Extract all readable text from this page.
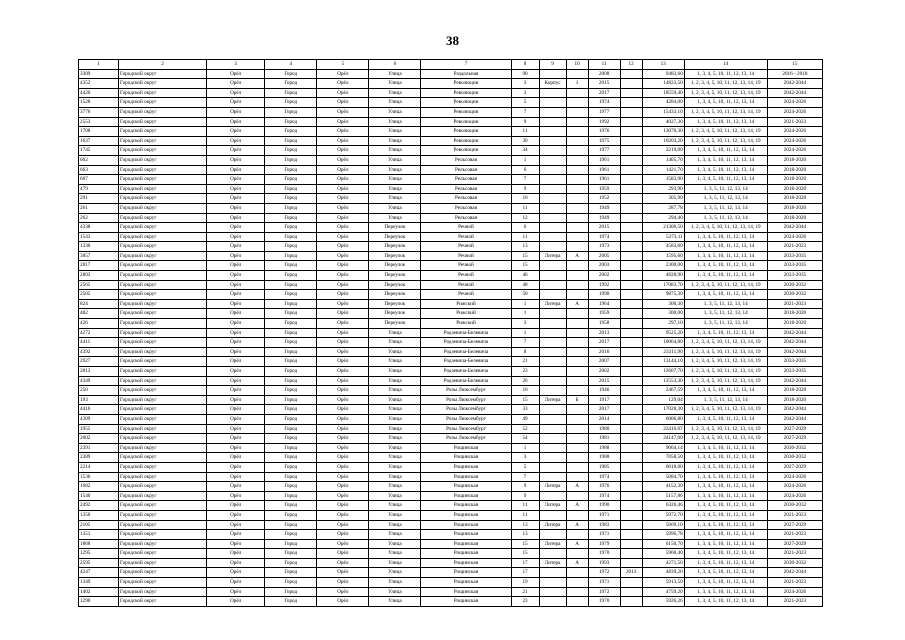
38
1	2	3	4	5	6	7	8	9	10	11	12	13	14	15
3309	Городской округ	Орёл	Город	Орёл	Улица	Раздольная	90			2008		9483,60	1, 3, 4, 5, 10, 11, 12, 13, 14	2016 - 2018
4352	Городской округ	Орёл	Город	Орёл	Улица	Революции	3	Корпус	1	2015		14823,50	1, 2, 3, 4, 5, 10, 11, 12, 13, 14, 19	2042-2044
4420	Городской округ	Орёл	Город	Орёл	Улица	Революции	3			2017		18559,40	1, 2, 3, 4, 5, 10, 11, 12, 13, 14, 19	2042-2044
1528	Городской округ	Орёл	Город	Орёл	Улица	Революции	5			1974		4284,00	1, 3, 4, 5, 10, 11, 12, 13, 14	2024-2026
3776	Городской округ	Орёл	Город	Орёл	Улица	Революции	7			1977		15433,10	1, 2, 3, 4, 5, 10, 11, 12, 13, 14, 19	2024-2026
2553	Городской округ	Орёл	Город	Орёл	Улица	Революции	9			1992		4027,30	1, 3, 4, 5, 10, 11, 12, 13, 14	2021-2023
1708	Городской округ	Орёл	Город	Орёл	Улица	Революции	11			1976		13070,30	1, 2, 3, 4, 5, 10, 11, 12, 13, 14, 19	2024-2026
1637	Городской округ	Орёл	Город	Орёл	Улица	Революции	30			1975		10203,20	1, 2, 3, 4, 5, 10, 11, 12, 13, 14, 19	2024-2026
1745	Городской округ	Орёл	Город	Орёл	Улица	Революции	34			1977		3219,00	1, 3, 4, 5, 10, 11, 12, 13, 14	2024-2026
662	Городской округ	Орёл	Город	Орёл	Улица	Рельсовая	1			1961		1405,70	1, 3, 4, 5, 10, 11, 12, 13, 14	2018-2020
663	Городской округ	Орёл	Город	Орёл	Улица	Рельсовая	6			1961		1421,70	1, 3, 4, 5, 10, 11, 12, 13, 14	2018-2020
667	Городской округ	Орёл	Город	Орёл	Улица	Рельсовая	7			1961		1583,90	1, 3, 4, 5, 10, 11, 12, 13, 14	2018-2020
479	Городской округ	Орёл	Город	Орёл	Улица	Рельсовая	9			1959		293,90	1, 3, 5, 11, 12, 13, 14	2018-2020
291	Городской округ	Орёл	Город	Орёл	Улица	Рельсовая	10			1952		305,90	1, 3, 5, 11, 12, 13, 14	2018-2020
261	Городской округ	Орёл	Город	Орёл	Улица	Рельсовая	11			1949		287,78	1, 3, 5, 11, 12, 13, 14	2018-2020
262	Городской округ	Орёл	Город	Орёл	Улица	Рельсовая	12			1949		294,40	1, 3, 5, 11, 12, 13, 14	2018-2020
4338	Городской округ	Орёл	Город	Орёл	Переулок	Речной	6			2015		21300,50	1, 2, 3, 4, 5, 10, 11, 12, 13, 14, 19	2042-2044
1543	Городской округ	Орёл	Город	Орёл	Переулок	Речной	11			1974		5373,11	1, 3, 4, 5, 10, 11, 12, 13, 14	2024-2026
1330	Городской округ	Орёл	Город	Орёл	Переулок	Речной	13			1973		4583,60	1, 3, 4, 5, 10, 11, 12, 13, 14	2021-2023
3857	Городской округ	Орёл	Город	Орёл	Переулок	Речной	15	Литера	А	2005		1595,60	1, 3, 4, 5, 10, 11, 12, 13, 14	2033-2035
2817	Городской округ	Орёл	Город	Орёл	Переулок	Речной	15			2003		2300,00	1, 3, 4, 5, 10, 11, 12, 13, 14	2033-2035
2803	Городской округ	Орёл	Город	Орёл	Переулок	Речной	46			2002		4828,90	1, 3, 4, 5, 10, 11, 12, 13, 14	2033-2035
2565	Городской округ	Орёл	Город	Орёл	Переулок	Речной	48			1992		17083,70	1, 2, 3, 4, 5, 10, 11, 12, 13, 14, 19	2030-2032
2505	Городской округ	Орёл	Город	Орёл	Переулок	Речной	50			1990		9875,30	1, 3, 4, 5, 10, 11, 12, 13, 14	2030-2032
824	Городской округ	Орёл	Город	Орёл	Переулок	Рижский	1	Литера	А	1964		300,30	1, 3, 5, 11, 12, 13, 14	2021-2023
482	Городской округ	Орёл	Город	Орёл	Переулок	Рижский	1			1959		300,00	1, 3, 5, 11, 12, 13, 14	2018-2020
426	Городской округ	Орёл	Город	Орёл	Переулок	Рижский	3			1958		297,10	1, 3, 5, 11, 12, 13, 14	2018-2020
4272	Городской округ	Орёл	Город	Орёл	Улица	Родзевича-Белевича	1			2013		9525,20	1, 3, 4, 5, 10, 11, 12, 13, 14	2042-2044
4411	Городской округ	Орёл	Город	Орёл	Улица	Родзевича-Белевича	7			2017		10064,80	1, 2, 3, 4, 5, 10, 11, 12, 13, 14, 19	2042-2044
4392	Городской округ	Орёл	Город	Орёл	Улица	Родзевича-Белевича	8			2016		23311,90	1, 2, 3, 4, 5, 10, 11, 12, 13, 14, 19	2042-2044
2927	Городской округ	Орёл	Город	Орёл	Улица	Родзевича-Белевича	21			2007		13144,10	1, 2, 3, 4, 5, 10, 11, 12, 13, 14, 19	2033-2035
2813	Городской округ	Орёл	Город	Орёл	Улица	Родзевича-Белевича	23			2002		12607,70	1, 2, 3, 4, 5, 10, 11, 12, 13, 14, 19	2033-2035
4349	Городской округ	Орёл	Город	Орёл	Улица	Родзевича-Белевича	26			2015		12553,30	1, 2, 3, 4, 5, 10, 11, 12, 13, 14, 19	2042-2044
250	Городской округ	Орёл	Город	Орёл	Улица	Розы Люксембург	10			1946		2467,59	1, 3, 4, 5, 10, 11, 12, 13, 14	2018-2020
193	Городской округ	Орёл	Город	Орёл	Улица	Розы Люксембург	15	Литера	Б	1917		129,04	1, 3, 5, 11, 12, 13, 14	2018-2020
4416	Городской округ	Орёл	Город	Орёл	Улица	Розы Люксембург	33			2017		17028,30	1, 2, 3, 4, 5, 10, 11, 12, 13, 14, 19	2042-2044
4309	Городской округ	Орёл	Город	Орёл	Улица	Розы Люксембург	49			2014		6006,80	1, 3, 4, 5, 10, 11, 12, 13, 14	2042-2044
1955	Городской округ	Орёл	Город	Орёл	Улица	Розы Люксембург	52			1980		23416,67	1, 2, 3, 4, 5, 10, 11, 12, 13, 14, 19	2027-2029
2002	Городской округ	Орёл	Город	Орёл	Улица	Розы Люксембург	54			1981		24147,00	1, 2, 3, 4, 5, 10, 11, 12, 13, 14, 19	2027-2029
2391	Городской округ	Орёл	Город	Орёл	Улица	Рощинская	1			1988		9064,14	1, 3, 4, 5, 10, 11, 12, 13, 14	2030-2032
2389	Городской округ	Орёл	Город	Орёл	Улица	Рощинская	3			1988		7058,50	1, 3, 4, 5, 10, 11, 12, 13, 14	2030-2032
2214	Городской округ	Орёл	Город	Орёл	Улица	Рощинская	5			1985		6018,00	1, 3, 4, 5, 10, 11, 12, 13, 14	2027-2029
1536	Городской округ	Орёл	Город	Орёл	Улица	Рощинская	7			1974		5084,70	1, 3, 4, 5, 10, 11, 12, 13, 14	2024-2026
1682	Городской округ	Орёл	Город	Орёл	Улица	Рощинская	9	Литера	А	1976		4152,30	1, 3, 4, 5, 10, 11, 12, 13, 14	2024-2026
1540	Городской округ	Орёл	Город	Орёл	Улица	Рощинская	9			1974		5157,86	1, 3, 4, 5, 10, 11, 12, 13, 14	2024-2026
2492	Городской округ	Орёл	Город	Орёл	Улица	Рощинская	11	Литера	А	1990		6326,46	1, 3, 4, 5, 10, 11, 12, 13, 14	2030-2032
1350	Городской округ	Орёл	Город	Орёл	Улица	Рощинская	11			1971		5972,70	1, 3, 4, 5, 10, 11, 12, 13, 14	2021-2023
2105	Городской округ	Орёл	Город	Орёл	Улица	Рощинская	13	Литера	А	1983		5669,10	1, 3, 4, 5, 10, 11, 12, 13, 14	2027-2029
1351	Городской округ	Орёл	Город	Орёл	Улица	Рощинская	13			1971		5996,78	1, 3, 4, 5, 10, 11, 12, 13, 14	2021-2023
1868	Городской округ	Орёл	Город	Орёл	Улица	Рощинская	15	Литера	А	1979		6150,70	1, 3, 4, 5, 10, 11, 12, 13, 14	2027-2029
1295	Городской округ	Орёл	Город	Орёл	Улица	Рощинская	15			1970		5960,40	1, 3, 4, 5, 10, 11, 12, 13, 14	2021-2023
2595	Городской округ	Орёл	Город	Орёл	Улица	Рощинская	17	Литера	А	1993		4271,50	1, 3, 4, 5, 10, 11, 12, 13, 14	2030-2032
4247	Городской округ	Орёл	Город	Орёл	Улица	Рощинская	17			1972	2013	4839,20	1, 3, 4, 5, 10, 11, 12, 13, 14	2042-2044
1349	Городской округ	Орёл	Город	Орёл	Улица	Рощинская	19			1971		5913,50	1, 3, 4, 5, 10, 11, 12, 13, 14	2021-2023
1402	Городской округ	Орёл	Город	Орёл	Улица	Рощинская	21			1972		4759,20	1, 3, 4, 5, 10, 11, 12, 13, 14	2024-2026
1290	Городской округ	Орёл	Город	Орёл	Улица	Рощинская	23			1970		5926,26	1, 3, 4, 5, 10, 11, 12, 13, 14	2021-2023
